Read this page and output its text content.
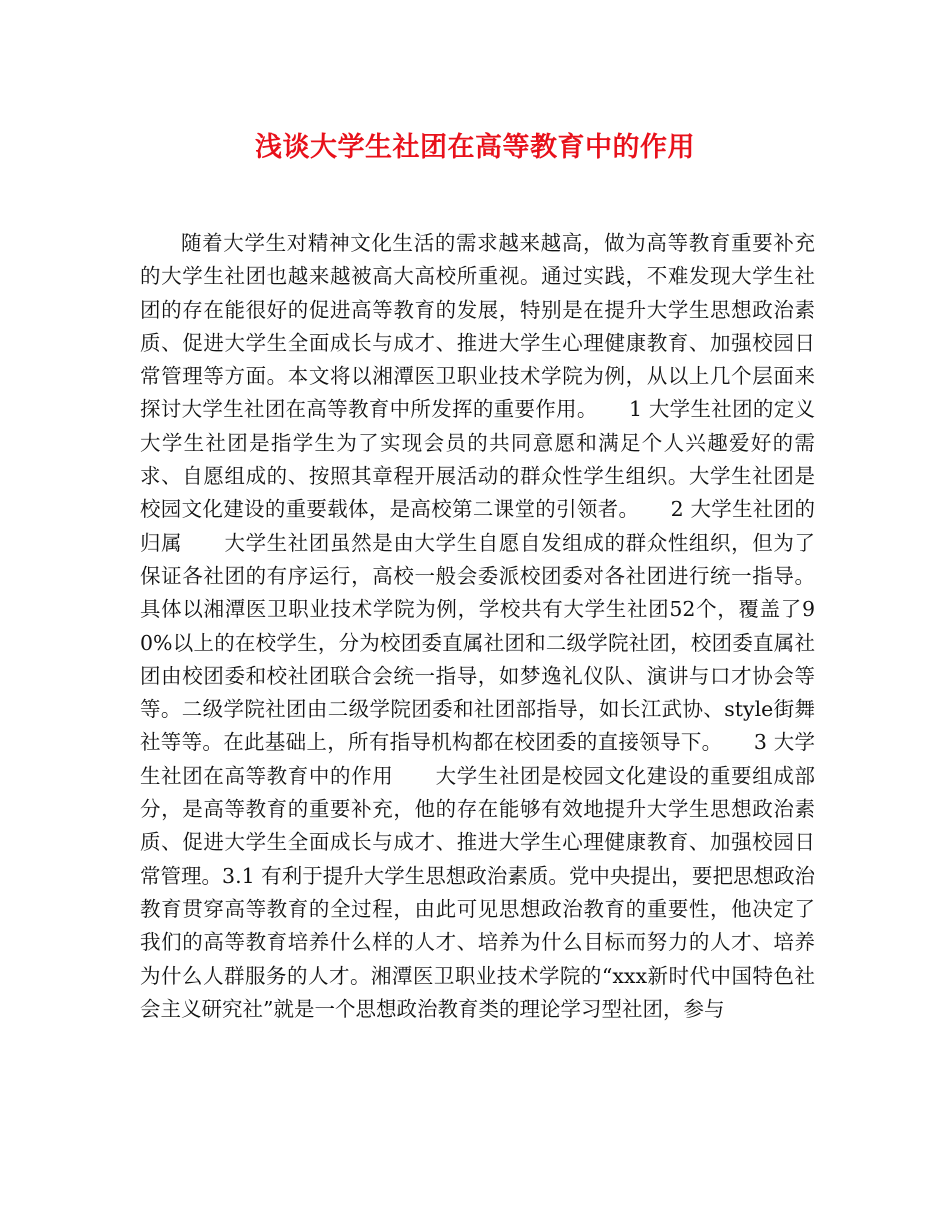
浅谈大学生社团在高等教育中的作用

随着大学生对精神文化生活的需求越来越高，做为高等教育重要补充的大学生社团也越来越被高大高校所重视。通过实践，不难发现大学生社团的存在能很好的促进高等教育的发展，特别是在提升大学生思想政治素质、促进大学生全面成长与成才、推进大学生心理健康教育、加强校园日常管理等方面。本文将以湘潭医卫职业技术学院为例，从以上几个层面来探讨大学生社团在高等教育中所发挥的重要作用。　　1 大学生社团的定义　　大学生社团是指学生为了实现会员的共同意愿和满足个人兴趣爱好的需求、自愿组成的、按照其章程开展活动的群众性学生组织。大学生社团是校园文化建设的重要载体，是高校第二课堂的引领者。　　2 大学生社团的归属　　大学生社团虽然是由大学生自愿自发组成的群众性组织，但为了保证各社团的有序运行，高校一般会委派校团委对各社团进行统一指导。具体以湘潭医卫职业技术学院为例，学校共有大学生社团52个，覆盖了90%以上的在校学生，分为校团委直属社团和二级学院社团，校团委直属社团由校团委和校社团联合会统一指导，如梦逸礼仪队、演讲与口才协会等等。二级学院社团由二级学院团委和社团部指导，如长江武协、style街舞社等等。在此基础上，所有指导机构都在校团委的直接领导下。　　3 大学生社团在高等教育中的作用　　大学生社团是校园文化建设的重要组成部分，是高等教育的重要补充，他的存在能够有效地提升大学生思想政治素质、促进大学生全面成长与成才、推进大学生心理健康教育、加强校园日常管理。3.1 有利于提升大学生思想政治素质。党中央提出，要把思想政治教育贯穿高等教育的全过程，由此可见思想政治教育的重要性，他决定了我们的高等教育培养什么样的人才、培养为什么目标而努力的人才、培养为什么人群服务的人才。湘潭医卫职业技术学院的“xxx新时代中国特色社会主义研究社”就是一个思想政治教育类的理论学习型社团，参与
